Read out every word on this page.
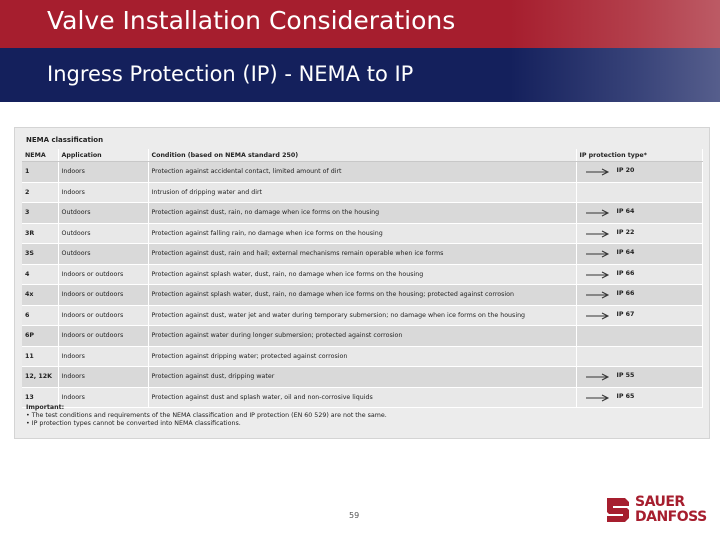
Valve Installation Considerations
Ingress Protection (IP) - NEMA to IP
NEMA classification
NEMA	Application	Condition (based on NEMA standard 250)	IP protection type*
1	Indoors	Protection against accidental contact, limited amount of dirt	IP 20

2	Indoors	Intrusion of dripping water and dirt	
3	Outdoors	Protection against dust, rain, no damage when ice forms on the housing	IP 64

3R	Outdoors	Protection against falling rain, no damage when ice forms on the housing	IP 22

3S	Outdoors	Protection against dust, rain and hail; external mechanisms remain operable when ice forms	IP 64

4	Indoors or outdoors	Protection against splash water, dust, rain, no damage when ice forms on the housing	IP 66

4x	Indoors or outdoors	Protection against splash water, dust, rain, no damage when ice forms on the housing; protected against corrosion	IP 66

6	Indoors or outdoors	Protection against dust, water jet and water during temporary submersion; no damage when ice forms on the housing	IP 67

6P	Indoors or outdoors	Protection against water during longer submersion; protected against corrosion	
11	Indoors	Protection against dripping water; protected against corrosion	
12, 12K	Indoors	Protection against dust, dripping water	IP 55

13	Indoors	Protection against dust and splash water, oil and non-corrosive liquids	IP 65
Important:
• The test conditions and requirements of the NEMA classification and IP protection (EN 60 529) are not the same.
• IP protection types cannot be converted into NEMA classifications.
59
SAUER
DANFOSS
